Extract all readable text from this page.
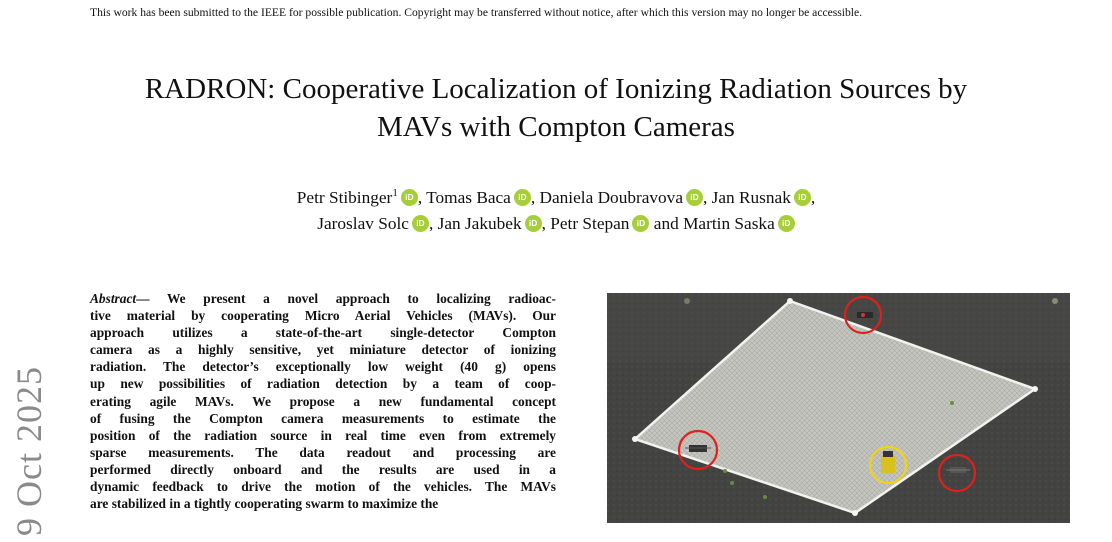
This work has been submitted to the IEEE for possible publication. Copyright may be transferred without notice, after which this version may no longer be accessible.
RADRON: Cooperative Localization of Ionizing Radiation Sources by
MAVs with Compton Cameras
Petr Stibinger$^1$ iD , Tomas Baca iD , Daniela Doubravova iD , Jan Rusnak iD ,
Jaroslav Solc iD , Jan Jakubek iD , Petr Stepan iD and Martin Saska iD
9 Oct 2025
Abstract— We present a novel approach to localizing radioac-
tive material by cooperating Micro Aerial Vehicles (MAVs). Our
approach utilizes a state-of-the-art single-detector Compton
camera as a highly sensitive, yet miniature detector of ionizing
radiation. The detector’s exceptionally low weight (40 g) opens
up new possibilities of radiation detection by a team of coop-
erating agile MAVs. We propose a new fundamental concept
of fusing the Compton camera measurements to estimate the
position of the radiation source in real time even from extremely
sparse measurements. The data readout and processing are
performed directly onboard and the results are used in a
dynamic feedback to drive the motion of the vehicles. The MAVs
are stabilized in a tightly cooperating swarm to maximize the
